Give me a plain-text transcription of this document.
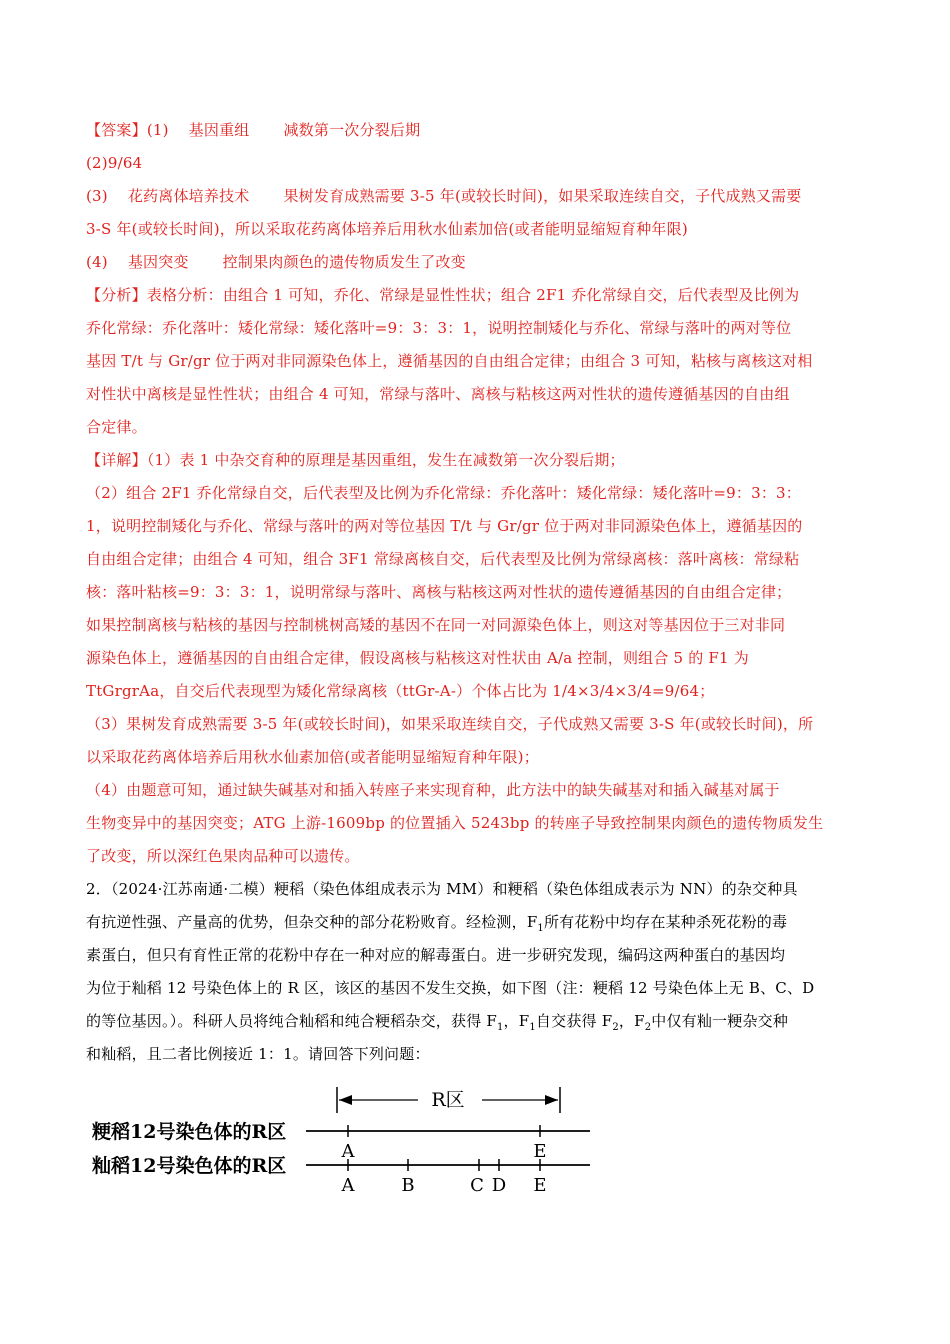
【答案】(1) 基因重组 减数第一次分裂后期
(2)9/64
(3) 花药离体培养技术 果树发育成熟需要 3-5 年(或较长时间)，如果采取连续自交，子代成熟又需要
3-S 年(或较长时间)，所以采取花药离体培养后用秋水仙素加倍(或者能明显缩短育种年限)
(4) 基因突变 控制果肉颜色的遗传物质发生了改变
【分析】表格分析：由组合 1 可知，乔化、常绿是显性性状；组合 2F1 乔化常绿自交，后代表型及比例为
乔化常绿：乔化落叶：矮化常绿：矮化落叶=9：3：3：1，说明控制矮化与乔化、常绿与落叶的两对等位
基因 T/t 与 Gr/gr 位于两对非同源染色体上，遵循基因的自由组合定律；由组合 3 可知，粘核与离核这对相
对性状中离核是显性性状；由组合 4 可知，常绿与落叶、离核与粘核这两对性状的遗传遵循基因的自由组
合定律。
【详解】（1）表 1 中杂交育种的原理是基因重组，发生在减数第一次分裂后期；
（2）组合 2F1 乔化常绿自交，后代表型及比例为乔化常绿：乔化落叶：矮化常绿：矮化落叶=9：3：3：
1，说明控制矮化与乔化、常绿与落叶的两对等位基因 T/t 与 Gr/gr 位于两对非同源染色体上，遵循基因的
自由组合定律；由组合 4 可知，组合 3F1 常绿离核自交，后代表型及比例为常绿离核：落叶离核：常绿粘
核：落叶粘核=9：3：3：1，说明常绿与落叶、离核与粘核这两对性状的遗传遵循基因的自由组合定律；
如果控制离核与粘核的基因与控制桃树高矮的基因不在同一对同源染色体上，则这对等基因位于三对非同
源染色体上，遵循基因的自由组合定律，假设离核与粘核这对性状由 A/a 控制，则组合 5 的 F1 为
TtGrgrAa，自交后代表现型为矮化常绿离核（ttGr-A-）个体占比为 1/4×3/4×3/4=9/64；
（3）果树发育成熟需要 3-5 年(或较长时间)，如果采取连续自交，子代成熟又需要 3-S 年(或较长时间)，所
以采取花药离体培养后用秋水仙素加倍(或者能明显缩短育种年限)；
（4）由题意可知，通过缺失碱基对和插入转座子来实现育种，此方法中的缺失碱基对和插入碱基对属于
生物变异中的基因突变；ATG 上游-1609bp 的位置插入 5243bp 的转座子导致控制果肉颜色的遗传物质发生
了改变，所以深红色果肉品种可以遗传。
2．（2024·江苏南通·二模）粳稻（染色体组成表示为 MM）和粳稻（染色体组成表示为 NN）的杂交种具
有抗逆性强、产量高的优势，但杂交种的部分花粉败育。经检测，$F_1$所有花粉中均存在某种杀死花粉的毒
素蛋白，但只有育性正常的花粉中存在一种对应的解毒蛋白。进一步研究发现，编码这两种蛋白的基因均
为位于籼稻 12 号染色体上的 R 区，该区的基因不发生交换，如下图（注：粳稻 12 号染色体上无 B、C、D
的等位基因。）。科研人员将纯合籼稻和纯合粳稻杂交，获得 $F_1$，$F_1$自交获得 $F_2$，$F_2$中仅有籼一粳杂交种
和籼稻，且二者比例接近 1：1。请回答下列问题：
R区
粳稻12号染色体的R区
A	E
籼稻12号染色体的R区
A	B	C D E
